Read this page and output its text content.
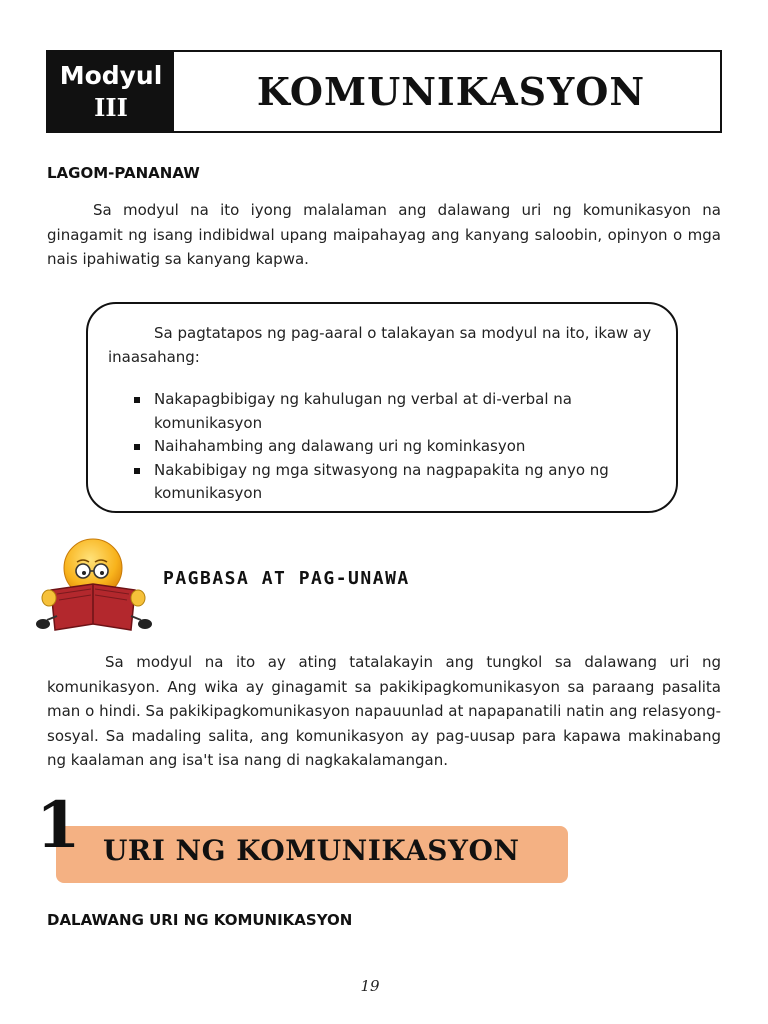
Modyul
III	KOMUNIKASYON
LAGOM-PANANAW

Sa modyul na ito iyong malalaman ang dalawang uri ng komunikasyon na ginagamit ng isang indibidwal upang maipahayag ang kanyang saloobin, opinyon o mga nais ipahiwatig sa kanyang kapwa.

Sa pagtatapos ng pag-aaral o talakayan sa modyul na ito, ikaw ay inaasahang:

Nakapagbibigay ng kahulugan ng verbal at di-verbal na komunikasyon
Naihahambing ang dalawang uri ng kominkasyon
Nakabibigay ng mga sitwasyong na nagpapakita ng anyo ng komunikasyon
PAGBASA AT PAG-UNAWA

Sa modyul na ito ay ating tatalakayin ang tungkol sa dalawang uri ng komunikasyon. Ang wika ay ginagamit sa pakikipagkomunikasyon sa paraang pasalita man o hindi. Sa pakikipagkomunikasyon napauunlad at napapanatili natin ang relasyong-sosyal. Sa madaling salita, ang komunikasyon ay pag-uusap para kapawa makinabang ng kaalaman ang isa't isa nang di nagkakalamangan.

1 URI NG KOMUNIKASYON
DALAWANG URI NG KOMUNIKASYON
19
